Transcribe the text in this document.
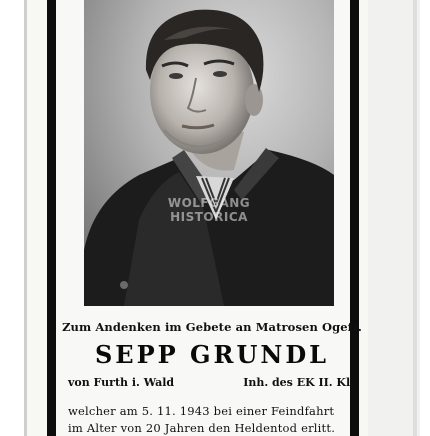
WOLFGANG
HISTORICA
Zum Andenken im Gebete an Matrosen Ogefr.
SEPP GRUNDL
von Furth i. Wald	Inh. des EK II. Kl.
welcher am 5. 11. 1943 bei einer Feindfahrt
im Alter von 20 Jahren den Heldentod erlitt.
